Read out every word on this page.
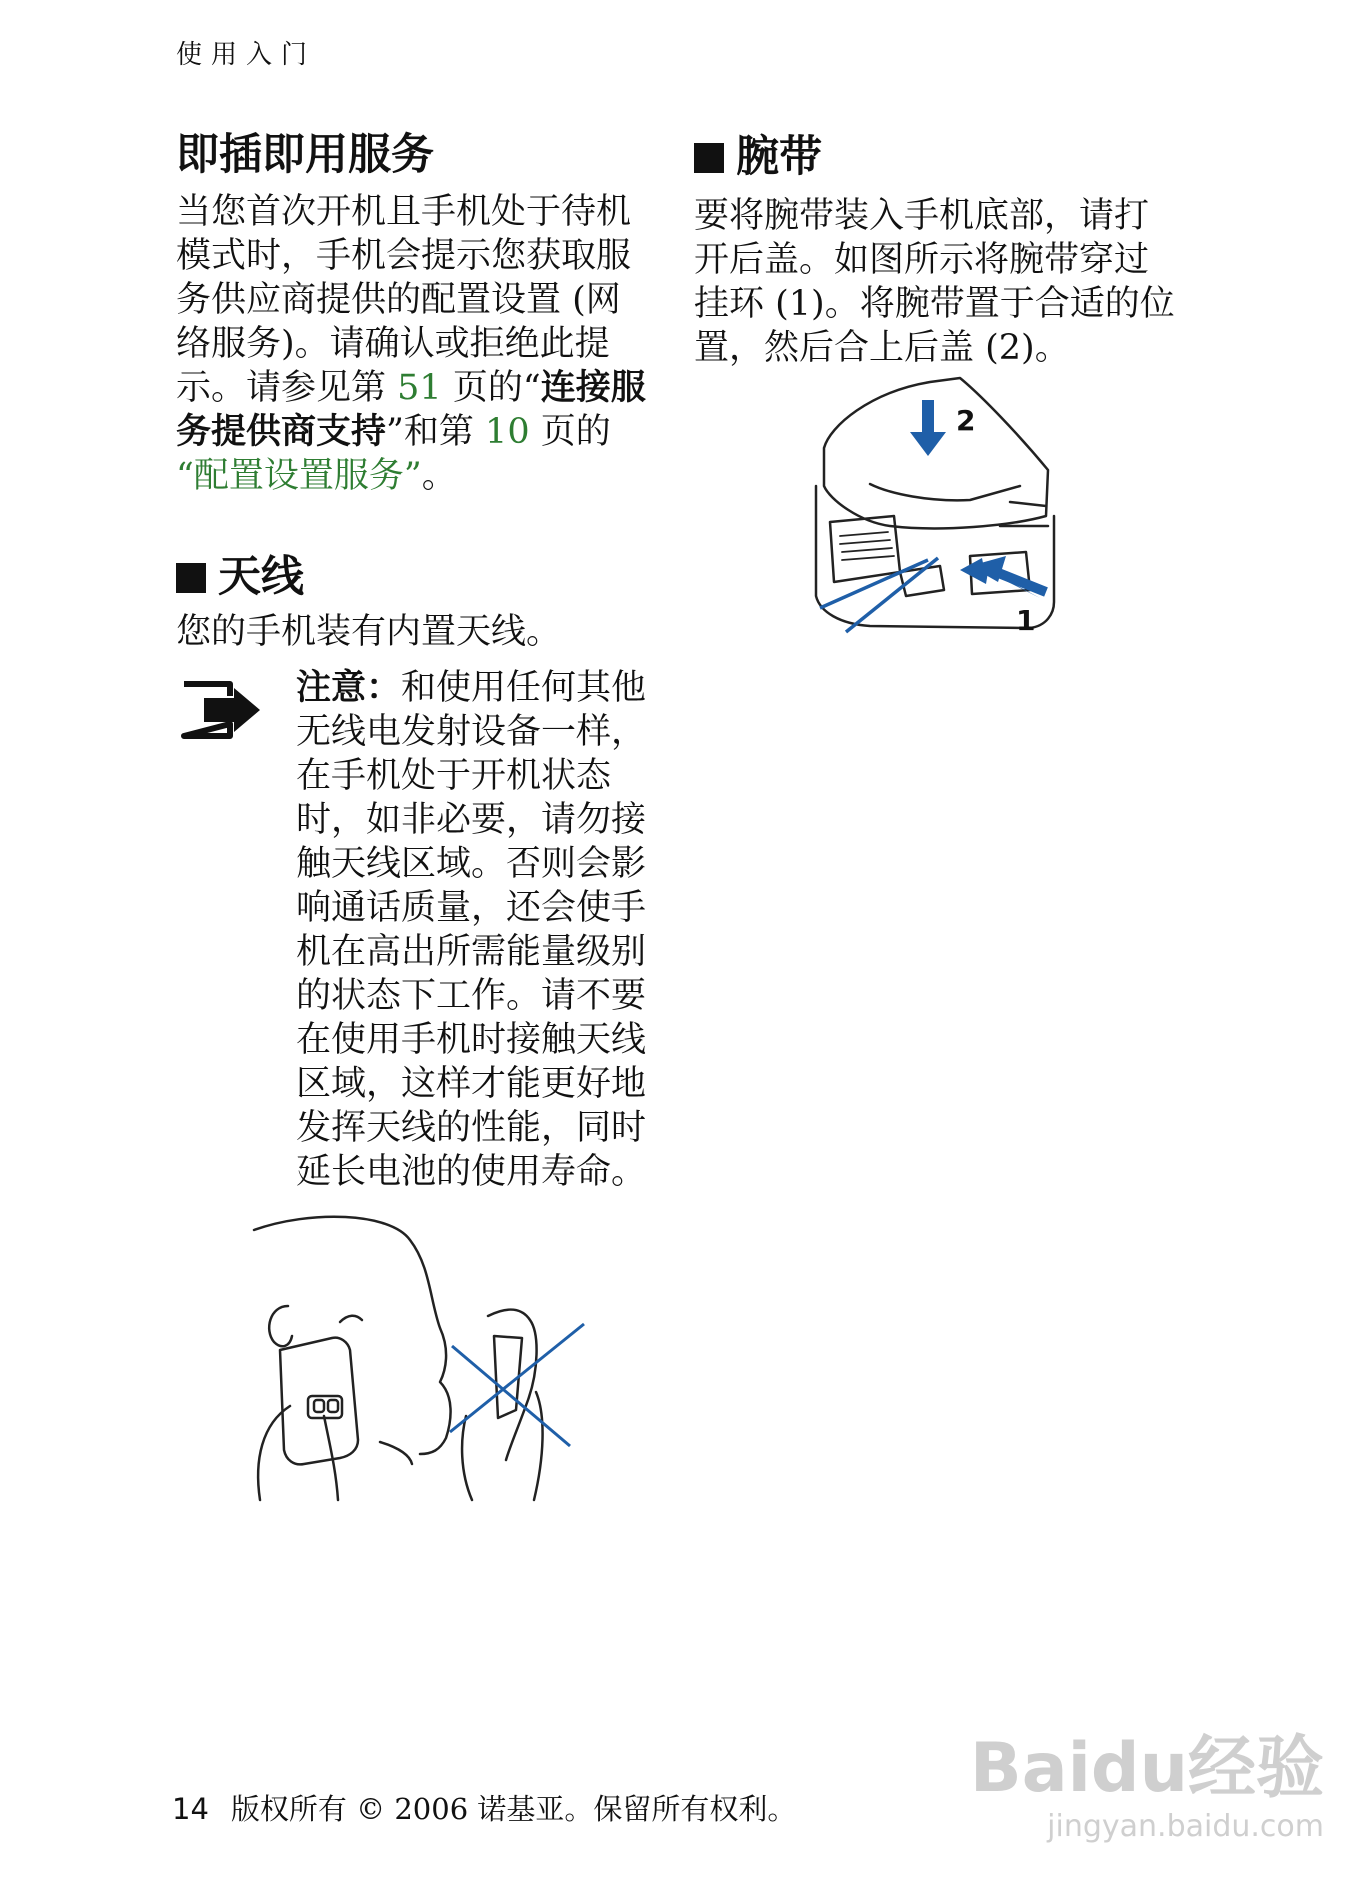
使用入门
即插即用服务
当您首次开机且手机处于待机
模式时，手机会提示您获取服
务供应商提供的配置设置 (网
络服务)。请确认或拒绝此提
示。请参见第 51 页的“连接服
务提供商支持”和第 10 页的
“配置设置服务”。
天线
您的手机装有内置天线。
注意：和使用任何其他
无线电发射设备一样，
在手机处于开机状态
时，如非必要，请勿接
触天线区域。否则会影
响通话质量，还会使手
机在高出所需能量级别
的状态下工作。请不要
在使用手机时接触天线
区域，这样才能更好地
发挥天线的性能，同时
延长电池的使用寿命。
腕带
要将腕带装入手机底部，请打
开后盖。如图所示将腕带穿过
挂环 (1)。将腕带置于合适的位
置，然后合上后盖 (2)。
2
1
14 版权所有 © 2006 诺基亚。保留所有权利。
Baidu经验
jingyan.baidu.com
